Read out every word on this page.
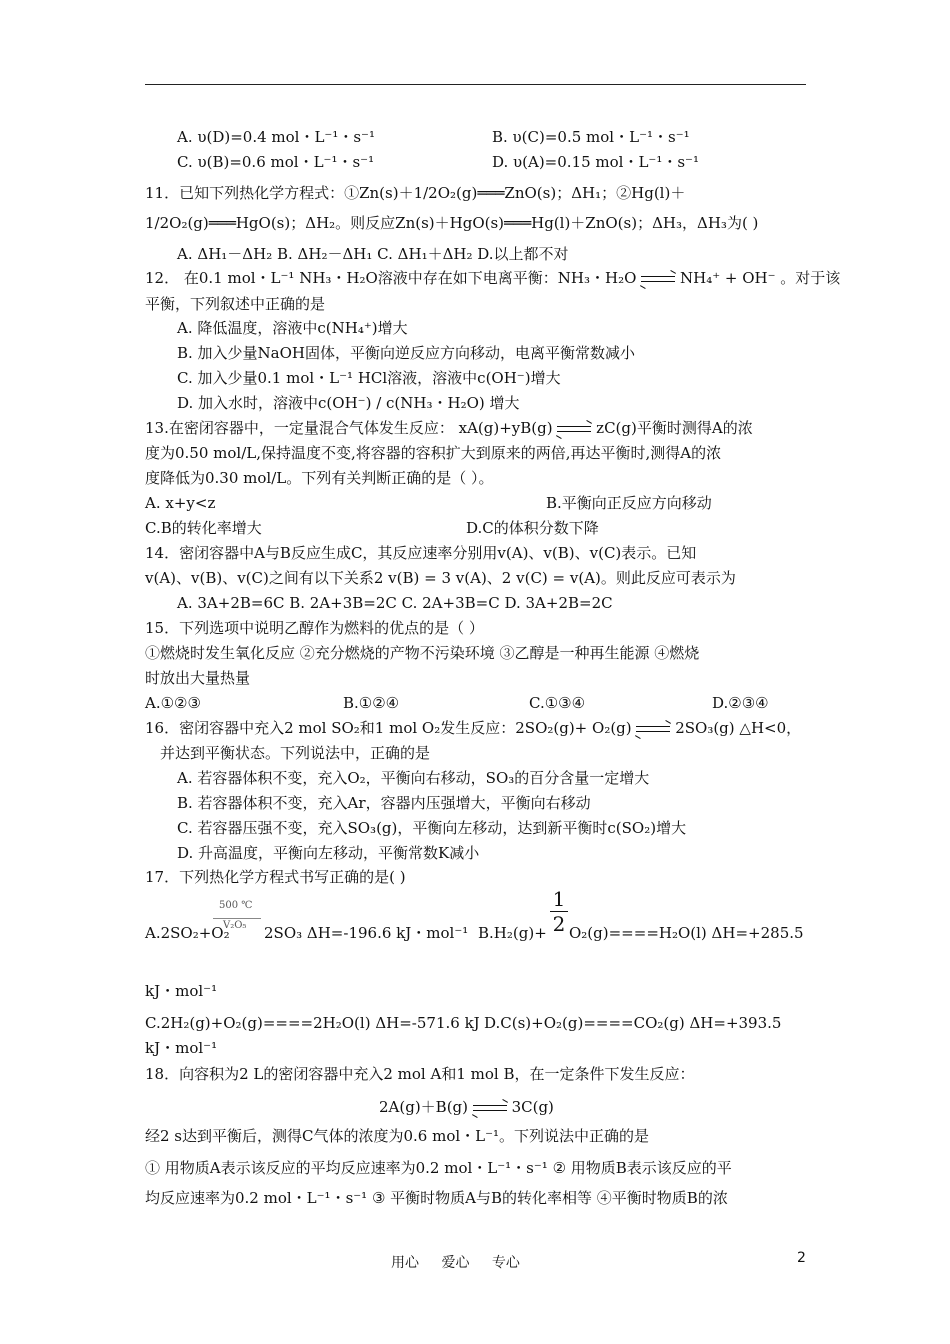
A. υ(D)=0.4 mol・L⁻¹・s⁻¹	B. υ(C)=0.5 mol・L⁻¹・s⁻¹
C. υ(B)=0.6 mol・L⁻¹・s⁻¹	D. υ(A)=0.15 mol・L⁻¹・s⁻¹
11．已知下列热化学方程式：①Zn(s)＋1/2O₂(g)═══ZnO(s)；ΔH₁；②Hg(l)＋
1/2O₂(g)═══HgO(s)；ΔH₂。则反应Zn(s)＋HgO(s)═══Hg(l)＋ZnO(s)；ΔH₃，ΔH₃为( )
A. ΔH₁－ΔH₂ B. ΔH₂－ΔH₁ C. ΔH₁＋ΔH₂ D.以上都不对
12． 在0.1 mol・L⁻¹ NH₃・H₂O溶液中存在如下电离平衡：NH₃・H₂O → NH₄⁺ + OH⁻ 。对于该
平衡，下列叙述中正确的是
A. 降低温度，溶液中c(NH₄⁺)增大
B. 加入少量NaOH固体，平衡向逆反应方向移动，电离平衡常数减小
C. 加入少量0.1 mol・L⁻¹ HCl溶液，溶液中c(OH⁻)增大
D. 加入水时，溶液中c(OH⁻) / c(NH₃・H₂O) 增大
13.在密闭容器中，一定量混合气体发生反应： xA(g)+yB(g) → zC(g)平衡时测得A的浓
度为0.50 mol/L,保持温度不变,将容器的容积扩大到原来的两倍,再达平衡时,测得A的浓
度降低为0.30 mol/L。下列有关判断正确的是（ ）。
A. x+y<z	B.平衡向正反应方向移动
C.B的转化率增大	D.C的体积分数下降
14．密闭容器中A与B反应生成C，其反应速率分别用v(A)、v(B)、v(C)表示。已知
v(A)、v(B)、v(C)之间有以下关系2 v(B) = 3 v(A)、2 v(C) = v(A)。则此反应可表示为
A. 3A+2B=6C B. 2A+3B=2C C. 2A+3B=C D. 3A+2B=2C
15．下列选项中说明乙醇作为燃料的优点的是（ ）
①燃烧时发生氧化反应 ②充分燃烧的产物不污染环境 ③乙醇是一种再生能源 ④燃烧
时放出大量热量
A.①②③	B.①②④	C.①③④	D.②③④
16．密闭容器中充入2 mol SO₂和1 mol O₂发生反应：2SO₂(g)+ O₂(g) → 2SO₃(g) △H<0，
并达到平衡状态。下列说法中，正确的是
A. 若容器体积不变，充入O₂，平衡向右移动，SO₃的百分含量一定增大
B. 若容器体积不变，充入Ar，容器内压强增大，平衡向右移动
C. 若容器压强不变，充入SO₃(g)，平衡向左移动，达到新平衡时c(SO₂)增大
D. 升高温度，平衡向左移动，平衡常数K减小
17．下列热化学方程式书写正确的是( )
500 ℃
V₂O₅
A.2SO₂+O₂ 2SO₃ ΔH=-196.6 kJ・mol⁻¹ B.H₂(g)+
1
2 O₂(g)====H₂O(l) ΔH=+285.5
kJ・mol⁻¹
C.2H₂(g)+O₂(g)====2H₂O(l) ΔH=-571.6 kJ D.C(s)+O₂(g)====CO₂(g) ΔH=+393.5
kJ・mol⁻¹
18．向容积为2 L的密闭容器中充入2 mol A和1 mol B，在一定条件下发生反应：
2A(g)＋B(g) → 3C(g)
经2 s达到平衡后，测得C气体的浓度为0.6 mol・L⁻¹。下列说法中正确的是
① 用物质A表示该反应的平均反应速率为0.2 mol・L⁻¹・s⁻¹ ② 用物质B表示该反应的平
均反应速率为0.2 mol・L⁻¹・s⁻¹ ③ 平衡时物质A与B的转化率相等 ④平衡时物质B的浓
用心 爱心 专心	2
